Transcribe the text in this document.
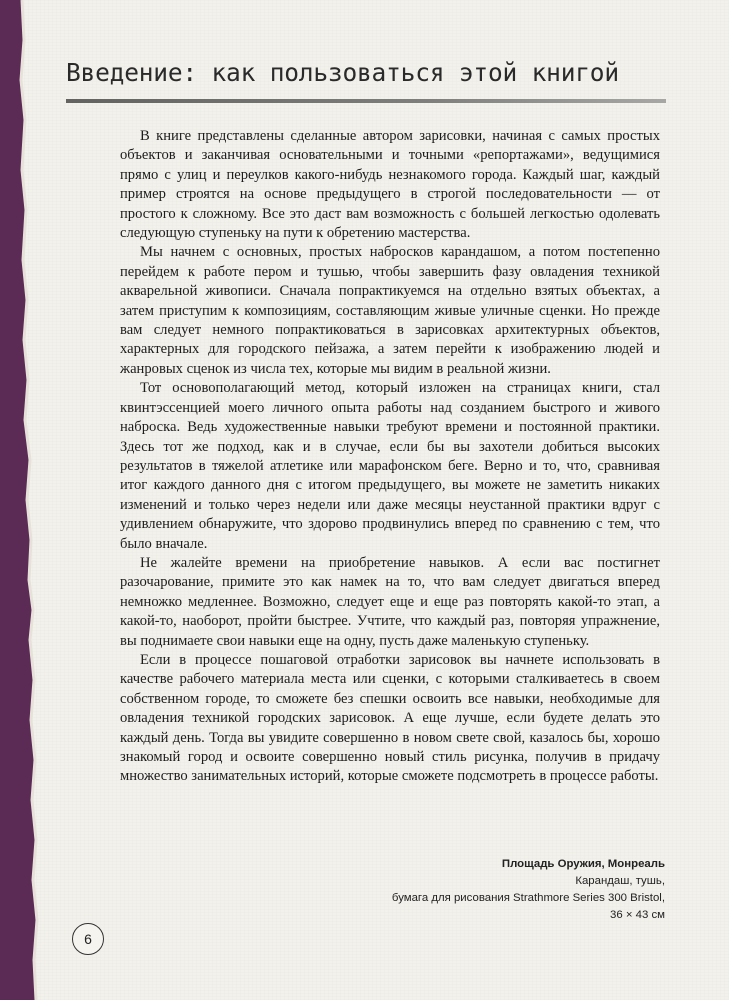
Введение: как пользоваться этой книгой

В книге представлены сделанные автором зарисовки, начиная с самых простых объектов и заканчивая основательными и точными «репортажами», ведущимися прямо с улиц и переулков какого-нибудь незнакомого города. Каждый шаг, каждый пример строятся на основе предыдущего в строгой последовательности — от простого к сложному. Все это даст вам возможность с большей легкостью одолевать следующую ступеньку на пути к обретению мастерства.

Мы начнем с основных, простых набросков карандашом, а потом постепенно перейдем к работе пером и тушью, чтобы завершить фазу овладения техникой акварельной живописи. Сначала попрактикуемся на отдельно взятых объектах, а затем приступим к композициям, составляющим живые уличные сценки. Но прежде вам следует немного попрактиковаться в зарисовках архитектурных объектов, характерных для городского пейзажа, а затем перейти к изображению людей и жанровых сценок из числа тех, которые мы видим в реальной жизни.

Тот основополагающий метод, который изложен на страницах книги, стал квинтэссенцией моего личного опыта работы над созданием быстрого и живого наброска. Ведь художественные навыки требуют времени и постоянной практики. Здесь тот же подход, как и в случае, если бы вы захотели добиться высоких результатов в тяжелой атлетике или марафонском беге. Верно и то, что, сравнивая итог каждого данного дня с итогом предыдущего, вы можете не заметить никаких изменений и только через недели или даже месяцы неустанной практики вдруг с удивлением обнаружите, что здорово продвинулись вперед по сравнению с тем, что было вначале.

Не жалейте времени на приобретение навыков. А если вас постигнет разочарование, примите это как намек на то, что вам следует двигаться вперед немножко медленнее. Возможно, следует еще и еще раз повторять какой-то этап, а какой-то, наоборот, пройти быстрее. Учтите, что каждый раз, повторяя упражнение, вы поднимаете свои навыки еще на одну, пусть даже маленькую ступеньку.

Если в процессе пошаговой отработки зарисовок вы начнете использовать в качестве рабочего материала места или сценки, с которыми сталкиваетесь в своем собственном городе, то сможете без спешки освоить все навыки, необходимые для овладения техникой городских зарисовок. А еще лучше, если будете делать это каждый день. Тогда вы увидите совершенно в новом свете свой, казалось бы, хорошо знакомый город и освоите совершенно новый стиль рисунка, получив в придачу множество занимательных историй, которые сможете подсмотреть в процессе работы.

Площадь Оружия, Монреаль
Карандаш, тушь,
бумага для рисования Strathmore Series 300 Bristol,
36 × 43 см
6
